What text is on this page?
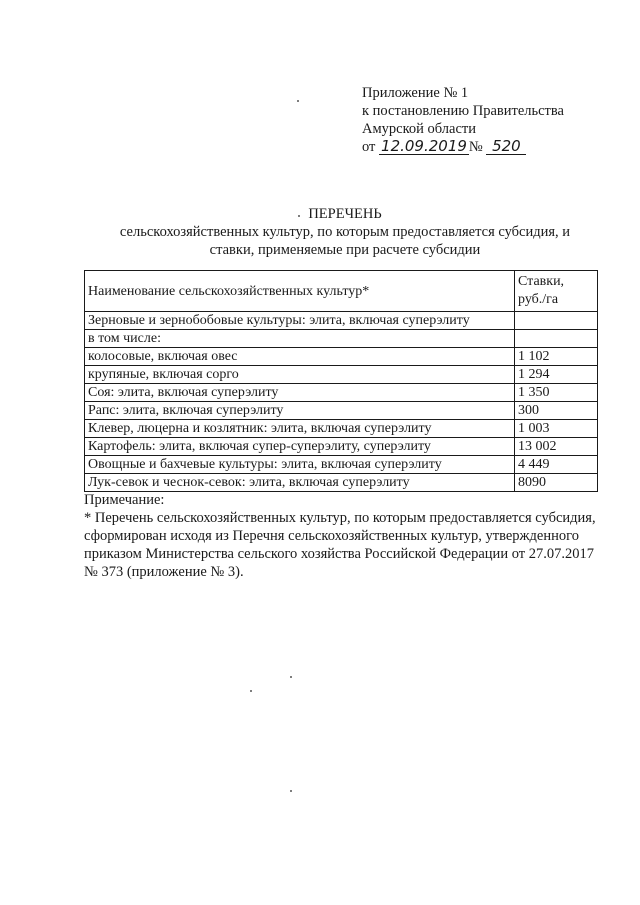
Приложение № 1
к постановлению Правительства
Амурской области
от 12.09.2019 № 520
ПЕРЕЧЕНЬ
сельскохозяйственных культур, по которым предоставляется субсидия, и
ставки, применяемые при расчете субсидии
Наименование сельскохозяйственных культур*	Ставки, руб./га
Зерновые и зернобобовые культуры: элита, включая суперэлиту	
в том числе:	
колосовые, включая овес	1 102
крупяные, включая сорго	1 294
Соя: элита, включая суперэлиту	1 350
Рапс: элита, включая суперэлиту	300
Клевер, люцерна и козлятник: элита, включая суперэлиту	1 003
Картофель: элита, включая супер-суперэлиту, суперэлиту	13 002
Овощные и бахчевые культуры: элита, включая суперэлиту	4 449
Лук-севок и чеснок-севок: элита, включая суперэлиту	8090
Примечание:
* Перечень сельскохозяйственных культур, по которым предоставляется субсидия, сформирован исходя из Перечня сельскохозяйственных культур, утвержденного приказом Министерства сельского хозяйства Российской Федерации от 27.07.2017 № 373 (приложение № 3).
